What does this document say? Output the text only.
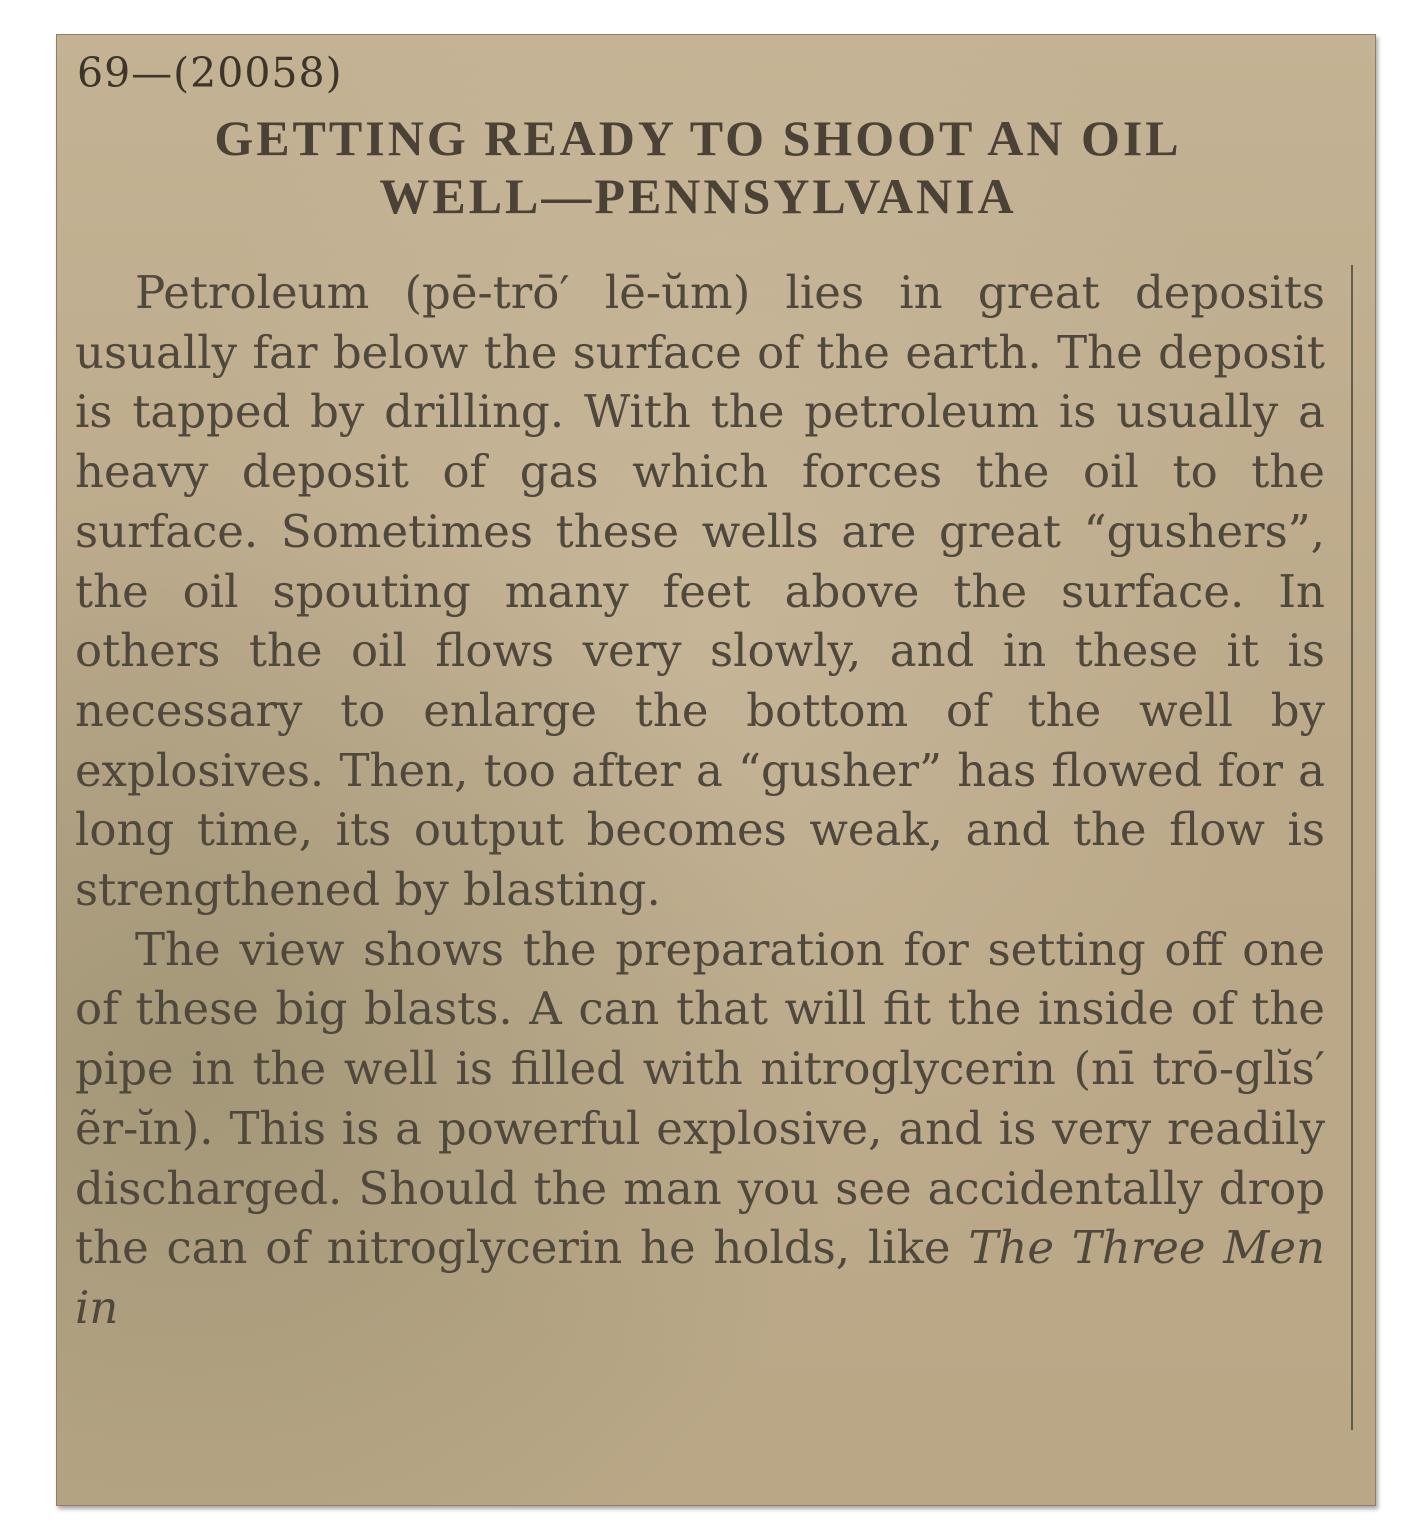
69—(20058)
GETTING READY TO SHOOT AN OIL
WELL—PENNSYLVANIA

Petroleum (pē-trō′ lē-ŭm) lies in great deposits usually far below the surface of the earth. The deposit is tapped by drilling. With the petroleum is usually a heavy deposit of gas which forces the oil to the surface. Sometimes these wells are great “gushers”, the oil spouting many feet above the surface. In others the oil flows very slowly, and in these it is necessary to enlarge the bottom of the well by explosives. Then, too after a “gusher” has flowed for a long time, its output becomes weak, and the flow is strengthened by blasting.

The view shows the preparation for setting off one of these big blasts. A can that will fit the inside of the pipe in the well is filled with nitroglycerin (nī trō-glĭs′ ẽr-ĭn). This is a powerful explosive, and is very readily discharged. Should the man you see accidentally drop the can of nitroglycerin he holds, like The Three Men in
